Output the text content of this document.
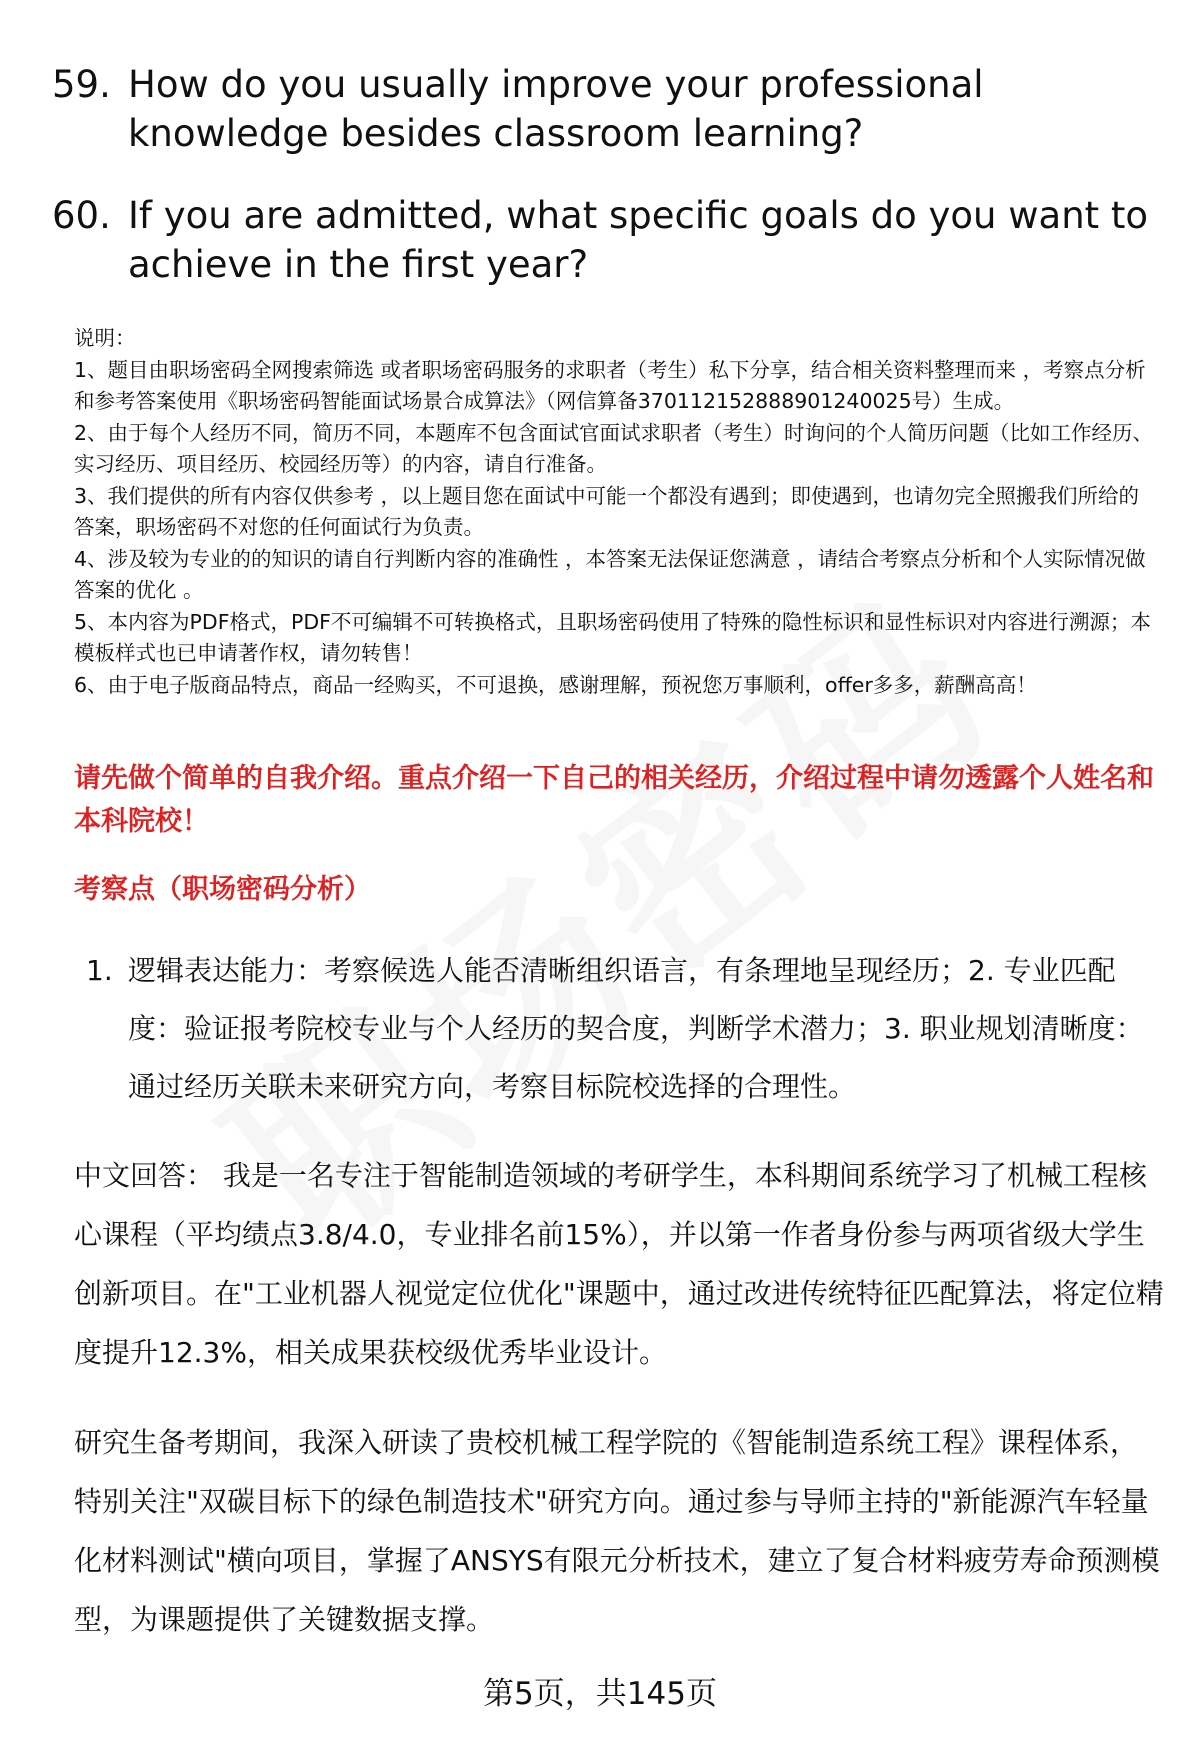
59. How do you usually improve your professional knowledge besides classroom learning?
60. If you are admitted, what specific goals do you want to achieve in the first year?

说明：

1、题目由职场密码全网搜索筛选 或者职场密码服务的求职者（考生）私下分享，结合相关资料整理而来 ，考察点分析和参考答案使用《职场密码智能面试场景合成算法》（网信算备370112152888901240025号）生成。

2、由于每个人经历不同，简历不同，本题库不包含面试官面试求职者（考生）时询问的个人简历问题（比如工作经历、实习经历、项目经历、校园经历等）的内容，请自行准备。

3、我们提供的所有内容仅供参考 ，以上题目您在面试中可能一个都没有遇到；即使遇到，也请勿完全照搬我们所给的答案，职场密码不对您的任何面试行为负责。

4、涉及较为专业的的知识的请自行判断内容的准确性 ，本答案无法保证您满意 ，请结合考察点分析和个人实际情况做答案的优化 。

5、本内容为PDF格式，PDF不可编辑不可转换格式，且职场密码使用了特殊的隐性标识和显性标识对内容进行溯源；本模板样式也已申请著作权，请勿转售！

6、由于电子版商品特点，商品一经购买，不可退换，感谢理解，预祝您万事顺利，offer多多，薪酬高高！

请先做个简单的自我介绍。重点介绍一下自己的相关经历，介绍过程中请勿透露个人姓名和本科院校！
考察点（职场密码分析）
1. 逻辑表达能力：考察候选人能否清晰组织语言，有条理地呈现经历；2. 专业匹配度：验证报考院校专业与个人经历的契合度，判断学术潜力；3. 职业规划清晰度：通过经历关联未来研究方向，考察目标院校选择的合理性。
中文回答： 我是一名专注于智能制造领域的考研学生，本科期间系统学习了机械工程核心课程（平均绩点3.8/4.0，专业排名前15%），并以第一作者身份参与两项省级大学生创新项目。在"工业机器人视觉定位优化"课题中，通过改进传统特征匹配算法，将定位精度提升12.3%，相关成果获校级优秀毕业设计。
研究生备考期间，我深入研读了贵校机械工程学院的《智能制造系统工程》课程体系，特别关注"双碳目标下的绿色制造技术"研究方向。通过参与导师主持的"新能源汽车轻量化材料测试"横向项目，掌握了ANSYS有限元分析技术，建立了复合材料疲劳寿命预测模型，为课题提供了关键数据支撑。
第5页，共145页
